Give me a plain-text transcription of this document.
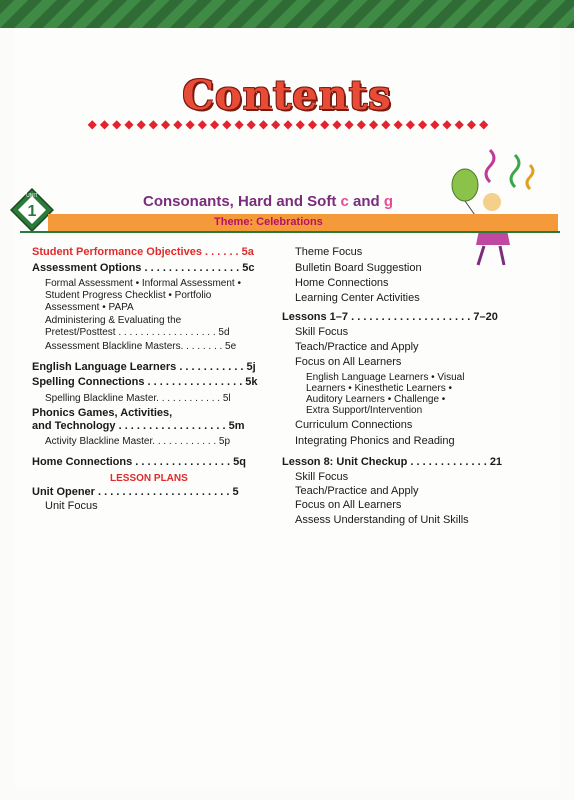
Contents
◆ ◆ ◆ ◆ ◆ ◆ ◆ ◆ ◆ ◆ ◆ ◆ ◆ ◆ ◆ ◆ ◆ ◆ ◆ ◆ ◆ ◆ ◆ ◆ ◆ ◆ ◆ ◆ ◆ ◆ ◆ ◆ ◆
UNIT
1
Consonants, Hard and Soft c and g
Theme: Celebrations
Student Performance Objectives . . . . . . 5a
Assessment Options . . . . . . . . . . . . . . . . 5c
Formal Assessment • Informal Assessment •
Student Progress Checklist • Portfolio
Assessment • PAPA
Administering & Evaluating the
Pretest/Posttest . . . . . . . . . . . . . . . . . . 5d
Assessment Blackline Masters. . . . . . . . 5e
English Language Learners . . . . . . . . . . . 5j
Spelling Connections . . . . . . . . . . . . . . . . 5k
Spelling Blackline Master. . . . . . . . . . . . 5l
Phonics Games, Activities,
and Technology . . . . . . . . . . . . . . . . . . 5m
Activity Blackline Master. . . . . . . . . . . . 5p
Home Connections . . . . . . . . . . . . . . . . 5q
LESSON PLANS
Unit Opener . . . . . . . . . . . . . . . . . . . . . . 5
Unit Focus
Theme Focus
Bulletin Board Suggestion
Home Connections
Learning Center Activities
Lessons 1–7 . . . . . . . . . . . . . . . . . . . . 7–20
Skill Focus
Teach/Practice and Apply
Focus on All Learners
English Language Learners • Visual
Learners • Kinesthetic Learners •
Auditory Learners • Challenge •
Extra Support/Intervention
Curriculum Connections
Integrating Phonics and Reading
Lesson 8: Unit Checkup . . . . . . . . . . . . . 21
Skill Focus
Teach/Practice and Apply
Focus on All Learners
Assess Understanding of Unit Skills
